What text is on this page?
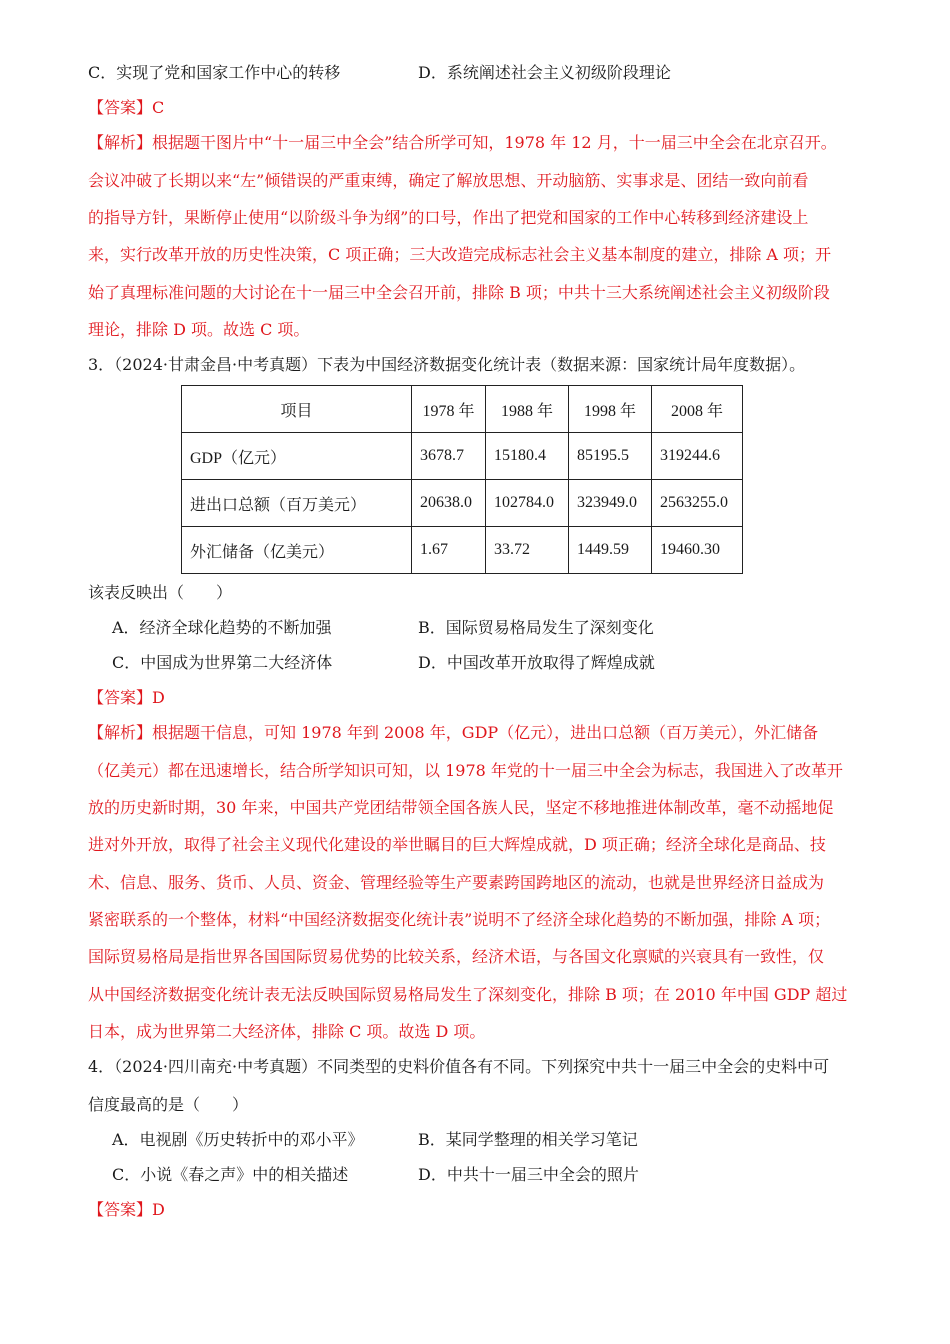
C．实现了党和国家工作中心的转移	D．系统阐述社会主义初级阶段理论
【答案】C
【解析】根据题干图片中“十一届三中全会”结合所学可知，1978 年 12 月，十一届三中全会在北京召开。
会议冲破了长期以来“左”倾错误的严重束缚，确定了解放思想、开动脑筋、实事求是、团结一致向前看
的指导方针，果断停止使用“以阶级斗争为纲”的口号，作出了把党和国家的工作中心转移到经济建设上
来，实行改革开放的历史性决策，C 项正确；三大改造完成标志社会主义基本制度的建立，排除 A 项；开
始了真理标准问题的大讨论在十一届三中全会召开前，排除 B 项；中共十三大系统阐述社会主义初级阶段
理论，排除 D 项。故选 C 项。
3．（2024·甘肃金昌·中考真题）下表为中国经济数据变化统计表（数据来源：国家统计局年度数据）。
项目	1978 年	1988 年	1998 年	2008 年
GDP（亿元）	3678.7	15180.4	85195.5	319244.6
进出口总额（百万美元）	20638.0	102784.0	323949.0	2563255.0
外汇储备（亿美元）	1.67	33.72	1449.59	19460.30
该表反映出（　　）
A．经济全球化趋势的不断加强	B．国际贸易格局发生了深刻变化
C．中国成为世界第二大经济体	D．中国改革开放取得了辉煌成就
【答案】D
【解析】根据题干信息，可知 1978 年到 2008 年，GDP（亿元），进出口总额（百万美元），外汇储备
（亿美元）都在迅速增长，结合所学知识可知，以 1978 年党的十一届三中全会为标志，我国进入了改革开
放的历史新时期，30 年来，中国共产党团结带领全国各族人民，坚定不移地推进体制改革，毫不动摇地促
进对外开放，取得了社会主义现代化建设的举世瞩目的巨大辉煌成就，D 项正确；经济全球化是商品、技
术、信息、服务、货币、人员、资金、管理经验等生产要素跨国跨地区的流动，也就是世界经济日益成为
紧密联系的一个整体，材料“中国经济数据变化统计表”说明不了经济全球化趋势的不断加强，排除 A 项；
国际贸易格局是指世界各国国际贸易优势的比较关系，经济术语，与各国文化禀赋的兴衰具有一致性，仅
从中国经济数据变化统计表无法反映国际贸易格局发生了深刻变化，排除 B 项；在 2010 年中国 GDP 超过
日本，成为世界第二大经济体，排除 C 项。故选 D 项。
4．（2024·四川南充·中考真题）不同类型的史料价值各有不同。下列探究中共十一届三中全会的史料中可
信度最高的是（　　）
A．电视剧《历史转折中的邓小平》	B．某同学整理的相关学习笔记
C．小说《春之声》中的相关描述	D．中共十一届三中全会的照片
【答案】D
